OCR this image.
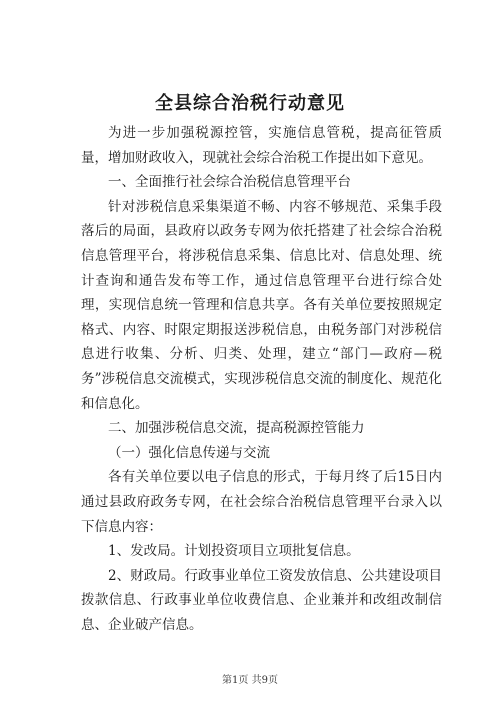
全县综合治税行动意见

为进一步加强税源控管，实施信息管税，提高征管质量，增加财政收入，现就社会综合治税工作提出如下意见。

一、全面推行社会综合治税信息管理平台

针对涉税信息采集渠道不畅、内容不够规范、采集手段落后的局面，县政府以政务专网为依托搭建了社会综合治税信息管理平台，将涉税信息采集、信息比对、信息处理、统计查询和通告发布等工作，通过信息管理平台进行综合处理，实现信息统一管理和信息共享。各有关单位要按照规定格式、内容、时限定期报送涉税信息，由税务部门对涉税信息进行收集、分析、归类、处理，建立“部门—政府—税务”涉税信息交流模式，实现涉税信息交流的制度化、规范化和信息化。

二、加强涉税信息交流，提高税源控管能力

（一）强化信息传递与交流

各有关单位要以电子信息的形式，于每月终了后15日内通过县政府政务专网，在社会综合治税信息管理平台录入以下信息内容：

1、发改局。计划投资项目立项批复信息。

2、财政局。行政事业单位工资发放信息、公共建设项目拨款信息、行政事业单位收费信息、企业兼并和改组改制信息、企业破产信息。

第1页 共9页
